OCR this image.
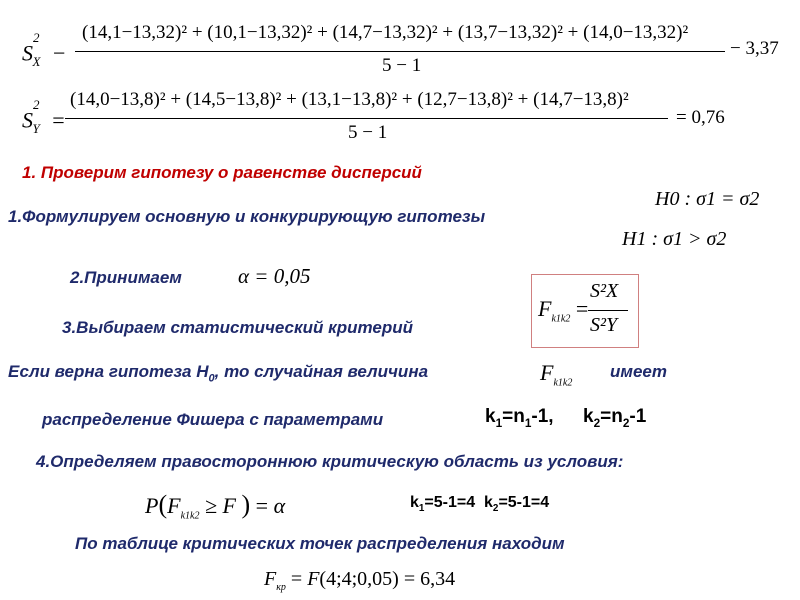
$S^2_X$ −
(14,1−13,32)² + (10,1−13,32)² + (14,7−13,32)² + (13,7−13,32)² + (14,0−13,32)²
5 − 1
− 3,37
$S^2_Y$ =
(14,0−13,8)² + (14,5−13,8)² + (13,1−13,8)² + (12,7−13,8)² + (14,7−13,8)²
5 − 1
= 0,76
1. Проверим гипотезу о равенстве дисперсий
H0 : σ1 = σ2
1.Формулируем основную и конкурирующую гипотезы
H1 : σ1 > σ2
2.Принимаем	α = 0,05
$F_{k1k2}$ =
S²X
S²Y
3.Выбираем статистический критерий
Если верна гипотеза $Н_0$, то случайная величина	$F_{k1k2}$
имеет
распределение Фишера с параметрами	$k_1=n_1-1$, $k_2=n_2-1$
4.Определяем правостороннюю критическую область из условия:
$P(F_{k1k2} \ge F$ ) = α	$k_1=5-1=4$  $k_2=5-1=4$
По таблице критических точек распределения находим
$F_{кр}$ = F(4;4;0,05) = 6,34
